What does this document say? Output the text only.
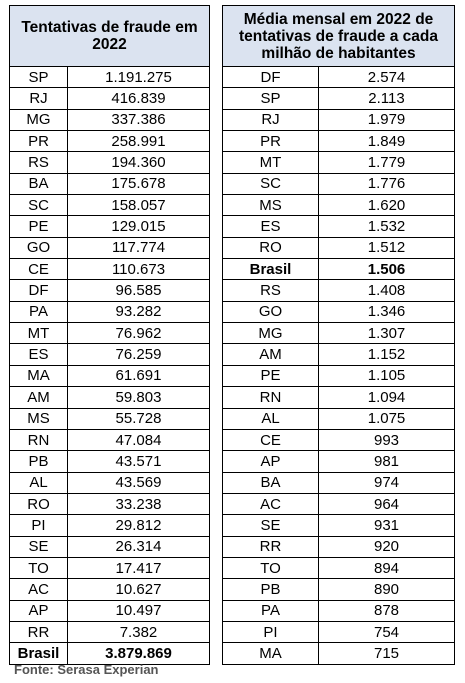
Tentativas de fraude em 2022	
SP	1.191.275
RJ	416.839
MG	337.386
PR	258.991
RS	194.360
BA	175.678
SC	158.057
PE	129.015
GO	117.774
CE	110.673
DF	96.585
PA	93.282
MT	76.962
ES	76.259
MA	61.691
AM	59.803
MS	55.728
RN	47.084
PB	43.571
AL	43.569
RO	33.238
PI	29.812
SE	26.314
TO	17.417
AC	10.627
AP	10.497
RR	7.382
Brasil	3.879.869
Média mensal em 2022 de tentativas de fraude a cada milhão de habitantes	
DF	2.574
SP	2.113
RJ	1.979
PR	1.849
MT	1.779
SC	1.776
MS	1.620
ES	1.532
RO	1.512
Brasil	1.506
RS	1.408
GO	1.346
MG	1.307
AM	1.152
PE	1.105
RN	1.094
AL	1.075
CE	993
AP	981
BA	974
AC	964
SE	931
RR	920
TO	894
PB	890
PA	878
PI	754
MA	715
Fonte: Serasa Experian
